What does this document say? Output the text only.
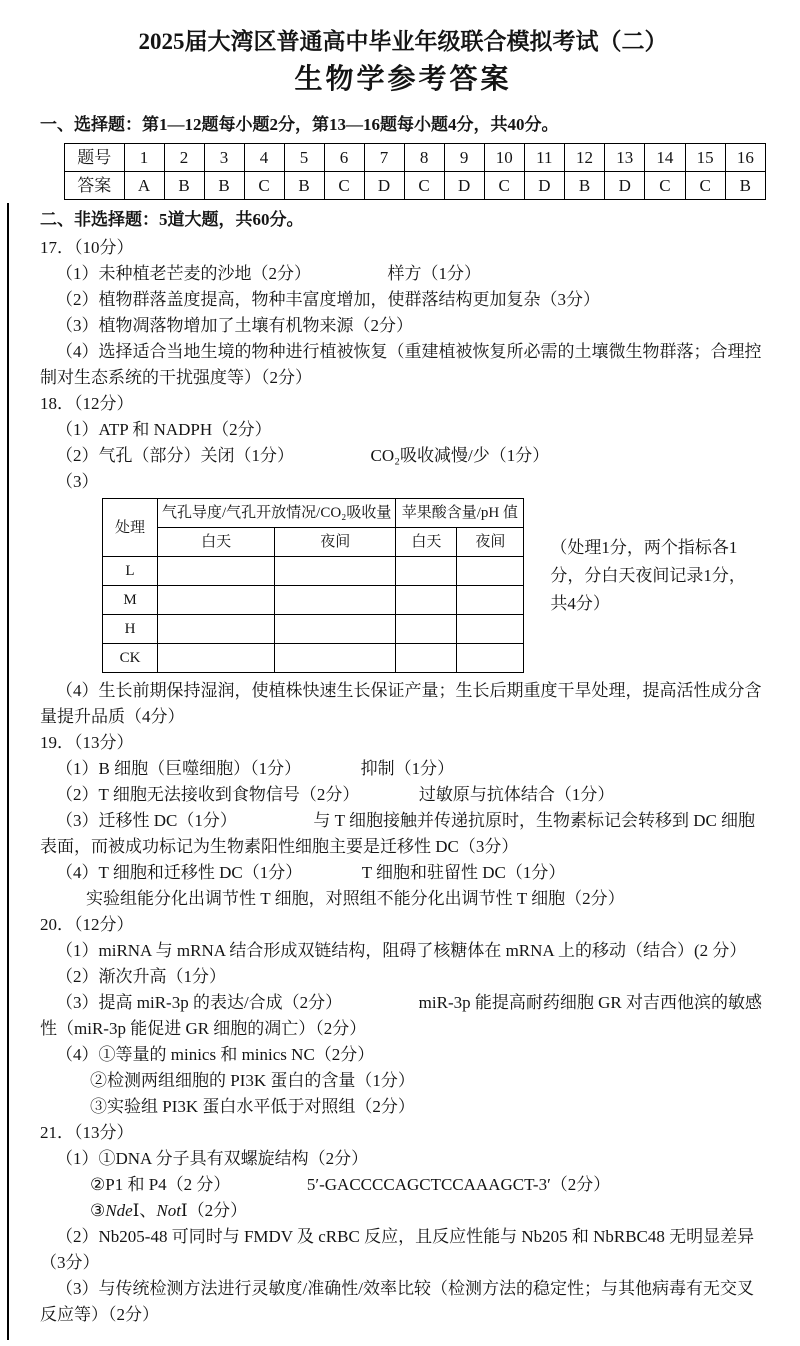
2025届大湾区普通高中毕业年级联合模拟考试（二）
生物学参考答案

一、选择题：第1—12题每小题2分，第13—16题每小题4分，共40分。

题号	1	2	3	4	5	6	7	8	9	10	11	12	13	14	15	16
答案	A	B	B	C	B	C	D	C	D	C	D	B	D	C	C	B

二、非选择题：5道大题，共60分。

17．（10分）

（1）未种植老芒麦的沙地（2分）　　　　　样方（1分）

（2）植物群落盖度提高，物种丰富度增加，使群落结构更加复杂（3分）

（3）植物凋落物增加了土壤有机物来源（2分）

（4）选择适合当地生境的物种进行植被恢复（重建植被恢复所必需的土壤微生物群落；合理控制对生态系统的干扰强度等）（2分）

18．（12分）

（1）ATP 和 NADPH（2分）

（2）气孔（部分）关闭（1分）　　　　　CO₂吸收减慢/少（1分）

（3）

处理	气孔导度/气孔开放情况/CO₂吸收量		苹果酸含量/pH 值	
	白天	夜间	白天	夜间
L				
M				
H				
CK				
（处理1分，两个指标各1分，分白天夜间记录1分，共4分）

（4）生长前期保持湿润，使植株快速生长保证产量；生长后期重度干旱处理，提高活性成分含量提升品质（4分）

19．（13分）

（1）B 细胞（巨噬细胞）（1分）　　　　抑制（1分）

（2）T 细胞无法接收到食物信号（2分）　　　　过敏原与抗体结合（1分）

（3）迁移性 DC（1分）　　　　　与 T 细胞接触并传递抗原时，生物素标记会转移到 DC 细胞表面，而被成功标记为生物素阳性细胞主要是迁移性 DC（3分）

（4）T 细胞和迁移性 DC（1分）　　　　T 细胞和驻留性 DC（1分）

实验组能分化出调节性 T 细胞，对照组不能分化出调节性 T 细胞（2分）

20．（12分）

（1）miRNA 与 mRNA 结合形成双链结构，阻碍了核糖体在 mRNA 上的移动（结合）(2 分）

（2）渐次升高（1分）

（3）提高 miR-3p 的表达/合成（2分）　　　　　miR-3p 能提高耐药细胞 GR 对吉西他滨的敏感性（miR-3p 能促进 GR 细胞的凋亡）（2分）

（4）①等量的 minics 和 minics NC（2分）

②检测两组细胞的 PI3K 蛋白的含量（1分）

③实验组 PI3K 蛋白水平低于对照组（2分）

21．（13分）

（1）①DNA 分子具有双螺旋结构（2分）

②P1 和 P4（2 分）　　　　　5′-GACCCCAGCTCCAAAGCT-3′（2分）

③NdeⅠ、NotⅠ（2分）

（2）Nb205-48 可同时与 FMDV 及 cRBC 反应，且反应性能与 Nb205 和 NbRBC48 无明显差异（3分）

（3）与传统检测方法进行灵敏度/准确性/效率比较（检测方法的稳定性；与其他病毒有无交叉反应等）（2分）
